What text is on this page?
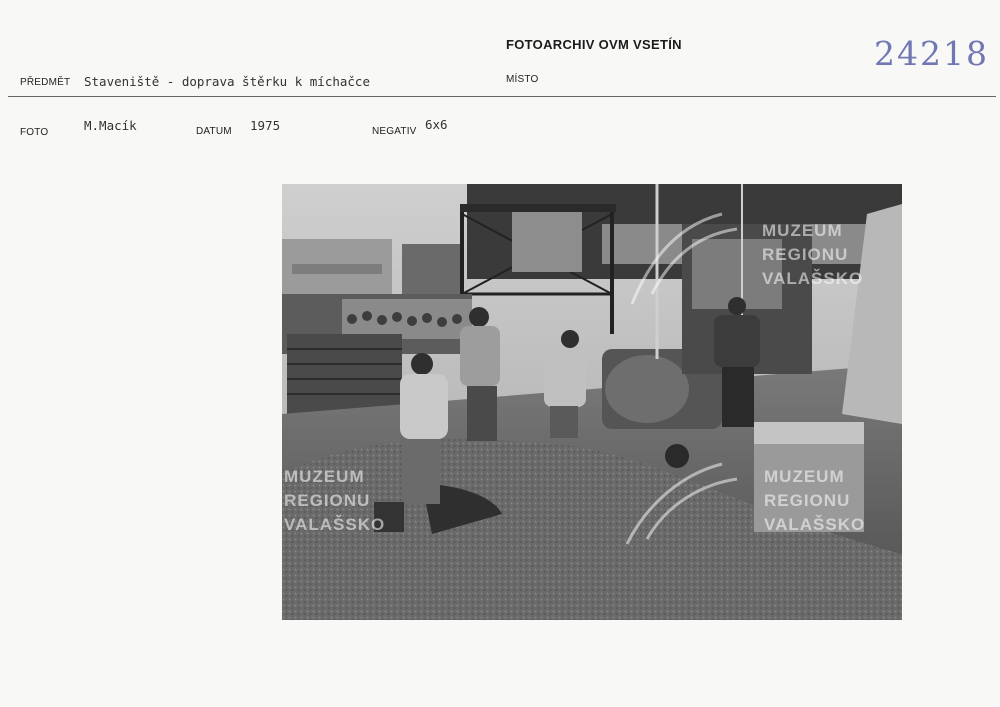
FOTOARCHIV OVM VSETÍN	24218
PŘEDMĚT Staveniště - doprava štěrku k míchačce	MÍSTO
FOTO	M.Macík	DATUM 1975	NEGATIV 6x6
MUZEUM
REGIONU
VALAŠSKO
MUZEUM
REGIONU
VALAŠSKO
MUZEUM
REGIONU
VALAŠSKO
